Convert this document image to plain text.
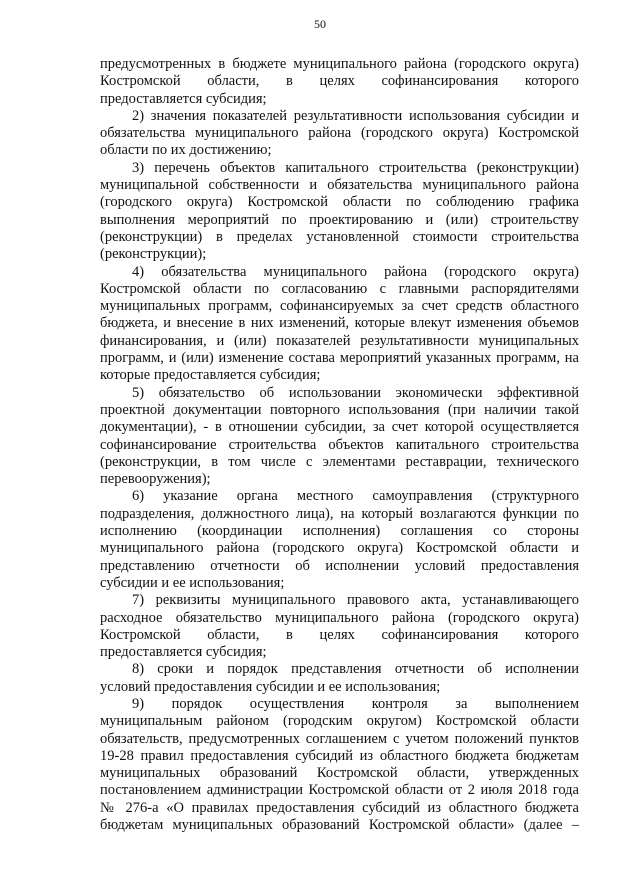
50
предусмотренных в бюджете муниципального района (городского округа)
Костромской области, в целях софинансирования которого
предоставляется субсидия;
2) значения показателей результативности использования субсидии и
обязательства муниципального района (городского округа) Костромской
области по их достижению;
3) перечень объектов капитального строительства (реконструкции)
муниципальной собственности и обязательства муниципального района
(городского округа) Костромской области по соблюдению графика
выполнения мероприятий по проектированию и (или) строительству
(реконструкции) в пределах установленной стоимости строительства
(реконструкции);
4) обязательства муниципального района (городского округа)
Костромской области по согласованию с главными распорядителями
муниципальных программ, софинансируемых за счет средств областного
бюджета, и внесение в них изменений, которые влекут изменения объемов
финансирования, и (или) показателей результативности муниципальных
программ, и (или) изменение состава мероприятий указанных программ, на
которые предоставляется субсидия;
5) обязательство об использовании экономически эффективной
проектной документации повторного использования (при наличии такой
документации), - в отношении субсидии, за счет которой осуществляется
софинансирование строительства объектов капитального строительства
(реконструкции, в том числе с элементами реставрации, технического
перевооружения);
6) указание органа местного самоуправления (структурного
подразделения, должностного лица), на который возлагаются функции по
исполнению (координации исполнения) соглашения со стороны
муниципального района (городского округа) Костромской области и
представлению отчетности об исполнении условий предоставления
субсидии и ее использования;
7) реквизиты муниципального правового акта, устанавливающего
расходное обязательство муниципального района (городского округа)
Костромской области, в целях софинансирования которого
предоставляется субсидия;
8) сроки и порядок представления отчетности об исполнении
условий предоставления субсидии и ее использования;
9) порядок осуществления контроля за выполнением
муниципальным районом (городским округом) Костромской области
обязательств, предусмотренных соглашением с учетом положений пунктов
19-28 правил предоставления субсидий из областного бюджета бюджетам
муниципальных образований Костромской области, утвержденных
постановлением администрации Костромской области от 2 июля 2018 года
№ 276-а «О правилах предоставления субсидий из областного бюджета
бюджетам муниципальных образований Костромской области» (далее –
